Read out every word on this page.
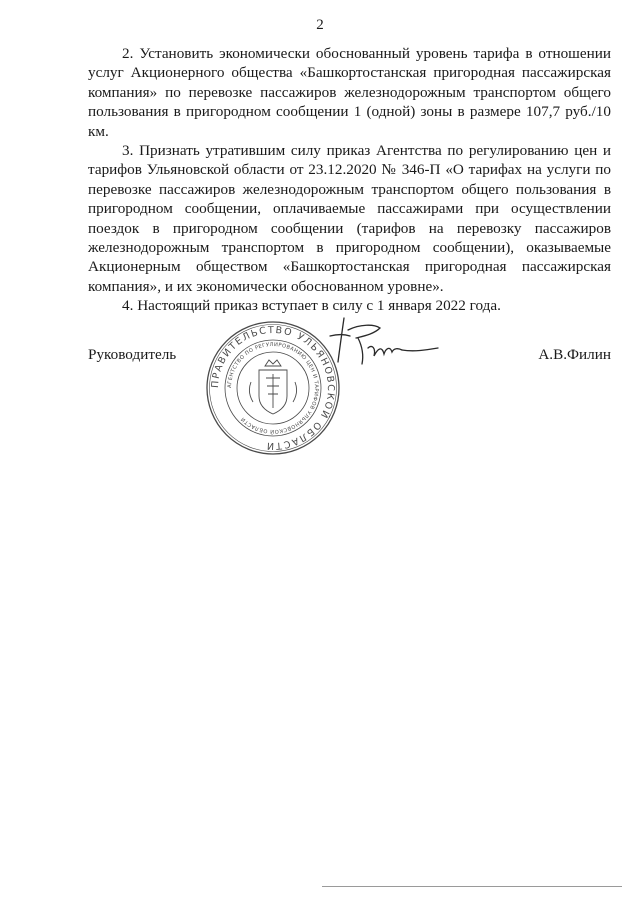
2

2. Установить экономически обоснованный уровень тарифа в отношении услуг Акционерного общества «Башкортостанская пригородная пассажирская компания» по перевозке пассажиров железнодорожным транспортом общего пользования в пригородном сообщении 1 (одной) зоны в размере 107,7 руб./10 км.

3. Признать утратившим силу приказ Агентства по регулированию цен и тарифов Ульяновской области от 23.12.2020 № 346-П «О тарифах на услуги по перевозке пассажиров железнодорожным транспортом общего пользования в пригородном сообщении, оплачиваемые пассажирами при осуществлении поездок в пригородном сообщении (тарифов на перевозку пассажиров железнодорожным транспортом в пригородном сообщении), оказываемые Акционерным обществом «Башкортостанская пригородная пассажирская компания», и их экономически обоснованном уровне».

4. Настоящий приказ вступает в силу с 1 января 2022 года.

Руководитель	А.В.Филин
ПРАВИТЕЛЬСТВО УЛЬЯНОВСКОЙ ОБЛАСТИ
АГЕНТСТВО ПО РЕГУЛИРОВАНИЮ ЦЕН И ТАРИФОВ УЛЬЯНОВСКОЙ ОБЛАСТИ
